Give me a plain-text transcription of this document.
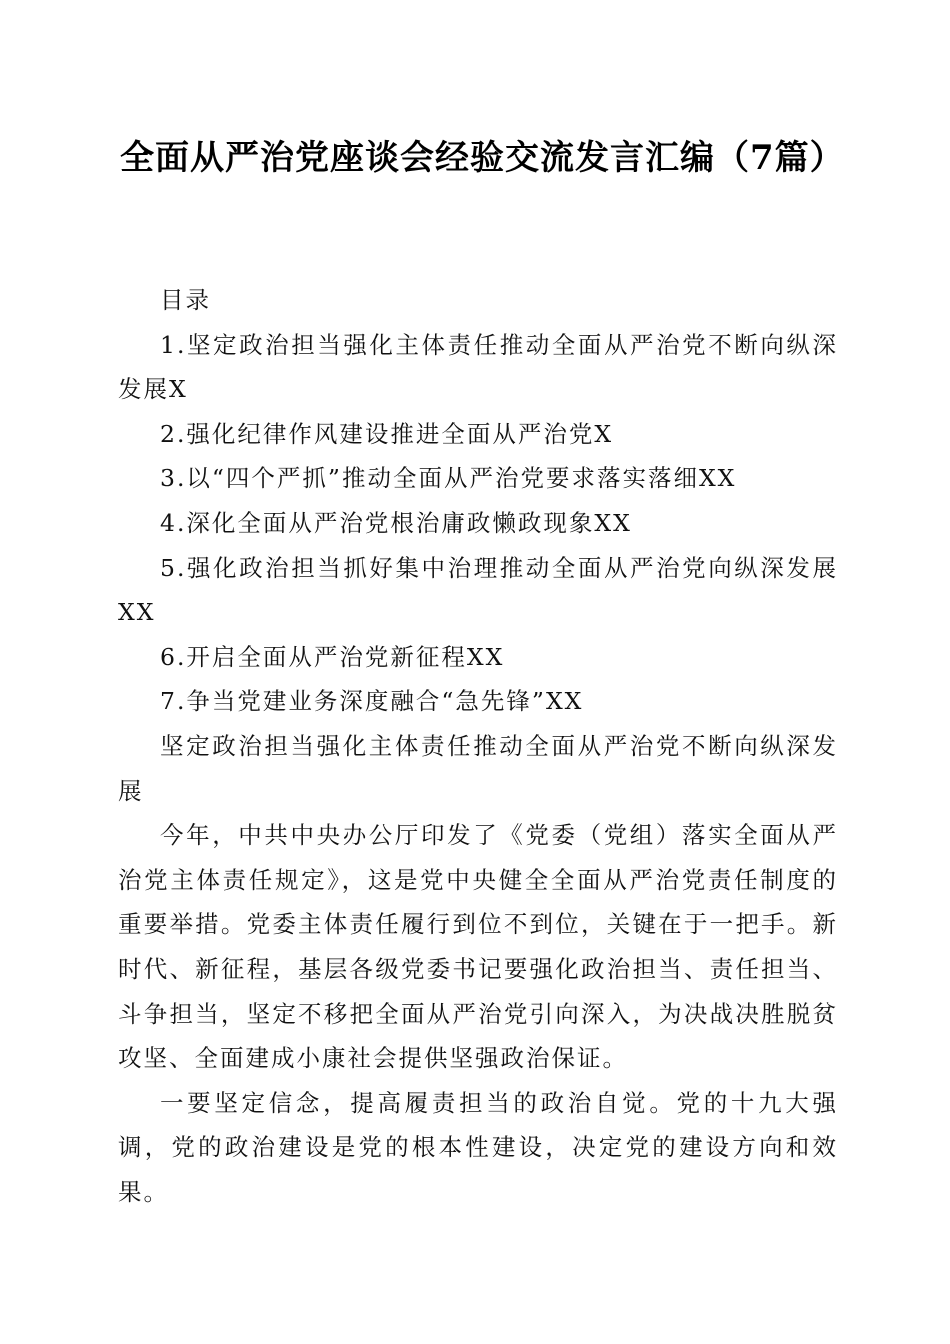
全面从严治党座谈会经验交流发言汇编（7篇）

目录

1.坚定政治担当强化主体责任推动全面从严治党不断向纵深发展X

2.强化纪律作风建设推进全面从严治党X

3.以“四个严抓”推动全面从严治党要求落实落细XX

4.深化全面从严治党根治庸政懒政现象XX

5.强化政治担当抓好集中治理推动全面从严治党向纵深发展XX

6.开启全面从严治党新征程XX

7.争当党建业务深度融合“急先锋”XX

坚定政治担当强化主体责任推动全面从严治党不断向纵深发展

今年，中共中央办公厅印发了《党委（党组）落实全面从严治党主体责任规定》，这是党中央健全全面从严治党责任制度的重要举措。党委主体责任履行到位不到位，关键在于一把手。新时代、新征程，基层各级党委书记要强化政治担当、责任担当、斗争担当，坚定不移把全面从严治党引向深入，为决战决胜脱贫攻坚、全面建成小康社会提供坚强政治保证。

一要坚定信念，提高履责担当的政治自觉。党的十九大强调，党的政治建设是党的根本性建设，决定党的建设方向和效果。
